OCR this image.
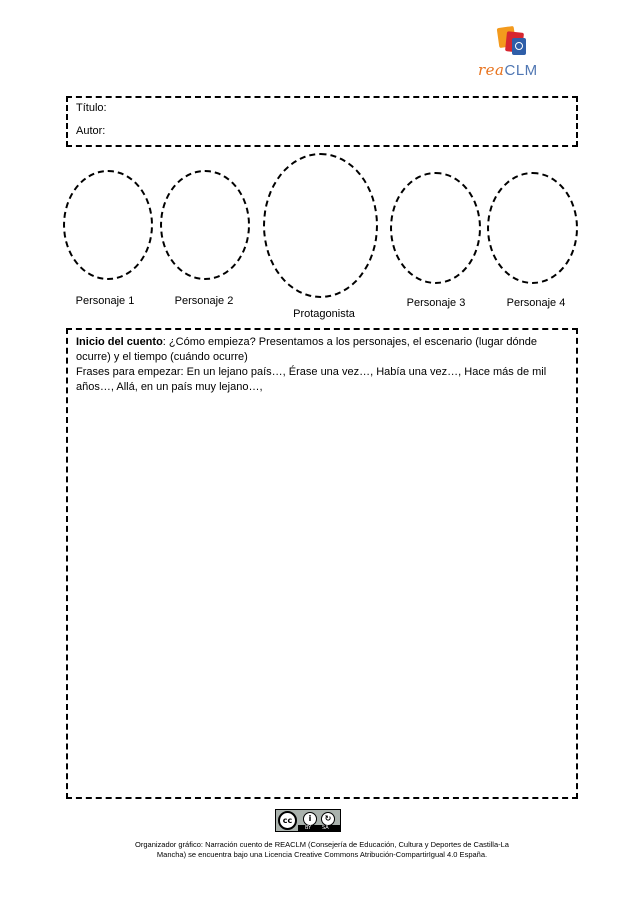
reaCLM
Título:
Autor:
Personaje 1	Personaje 2
Protagonista
Personaje 3	Personaje 4
Inicio del cuento: ¿Cómo empieza? Presentamos a los personajes, el escenario (lugar dónde ocurre) y el tiempo (cuándo ocurre)
Frases para empezar: En un lejano país…, Érase una vez…, Había una vez…, Hace más de mil años…, Allá, en un país muy lejano…,
cc	i	↻
BY SA
Organizador gráfico: Narración cuento de REACLM (Consejería de Educación, Cultura y Deportes de Castilla-La
Mancha) se encuentra bajo una Licencia Creative Commons Atribución-CompartirIgual 4.0 España.
